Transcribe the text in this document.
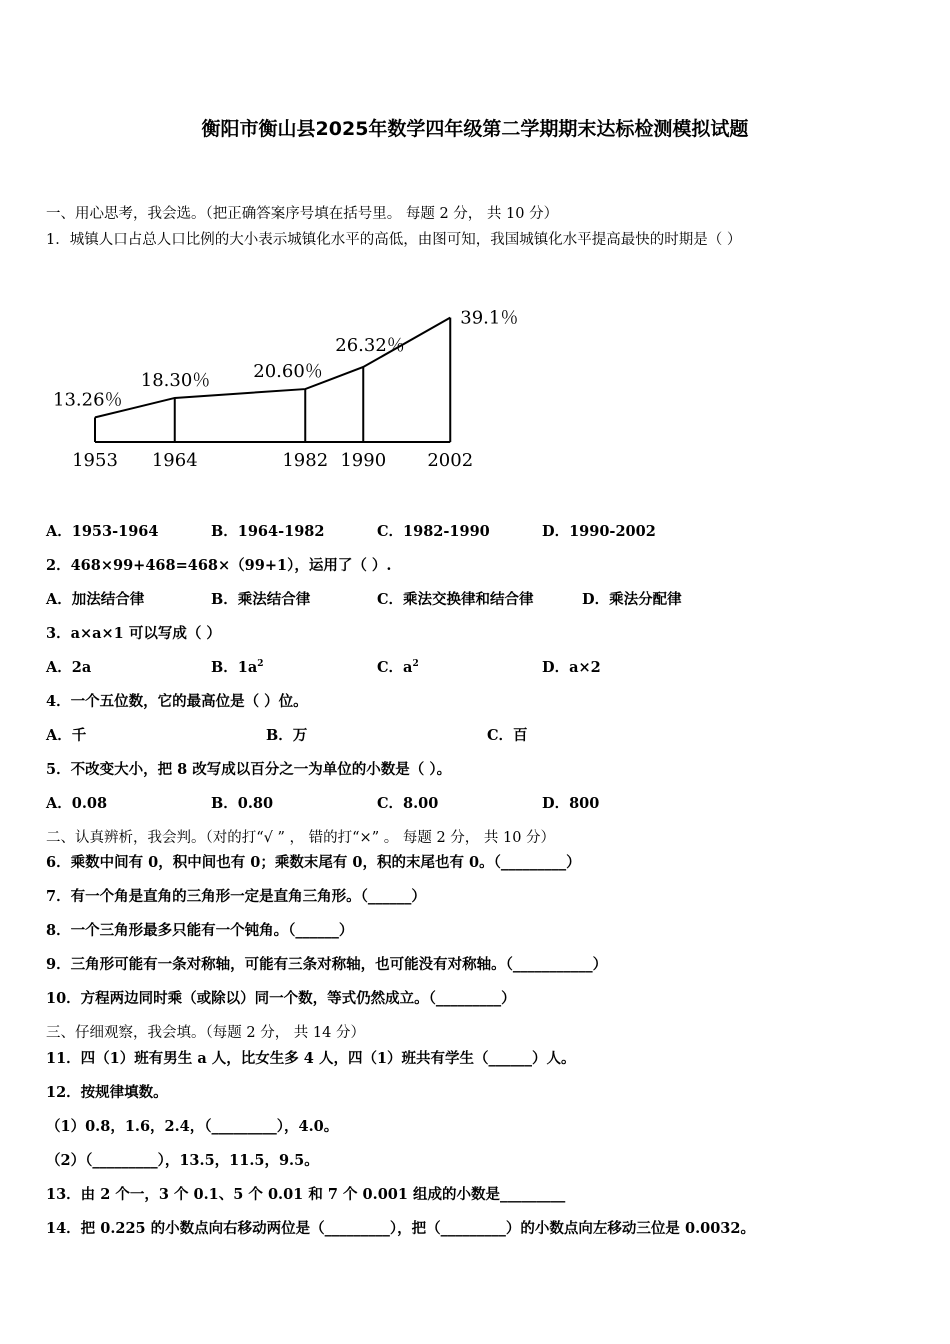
衡阳市衡山县2025年数学四年级第二学期期末达标检测模拟试题
一、用心思考，我会选。（把正确答案序号填在括号里。 每题 2 分， 共 10 分）
1．城镇人口占总人口比例的大小表示城镇化水平的高低，由图可知，我国城镇化水平提高最快的时期是（ ）
13.26％
18.30％ 20.60％
26.32％
39.1％
1953 1964	1982 1990 2002
A．1953-1964	B．1964-1982	C．1982-1990	D．1990-2002
2．468×99+468=468×（99+1），运用了（ ）.
A．加法结合律	B．乘法结合律	C．乘法交换律和结合律	D．乘法分配律
3．a×a×1 可以写成（ ）
A．2a	B．$1a^2$	C．$a^2$	D．a×2
4．一个五位数，它的最高位是（ ）位。
A．千	B．万	C．百
5．不改变大小，把 8 改写成以百分之一为单位的小数是（ ）。
A．0.08	B．0.80	C．8.00	D．800
二、认真辨析，我会判。（对的打“√ ” ， 错的打“×” 。 每题 2 分， 共 10 分）
6．乘数中间有 0，积中间也有 0；乘数末尾有 0，积的末尾也有 0。（_________）
7．有一个角是直角的三角形一定是直角三角形。（______）
8．一个三角形最多只能有一个钝角。（______）
9．三角形可能有一条对称轴，可能有三条对称轴，也可能没有对称轴。（___________）
10．方程两边同时乘（或除以）同一个数，等式仍然成立。（_________）
三、仔细观察，我会填。（每题 2 分， 共 14 分）
11．四（1）班有男生 a 人，比女生多 4 人，四（1）班共有学生（______）人。
12．按规律填数。
（1）0.8，1.6，2.4，（_________），4.0。
（2）（_________），13.5，11.5，9.5。
13．由 2 个一，3 个 0.1、5 个 0.01 和 7 个 0.001 组成的小数是_________
14．把 0.225 的小数点向右移动两位是（_________），把（_________）的小数点向左移动三位是 0.0032。
